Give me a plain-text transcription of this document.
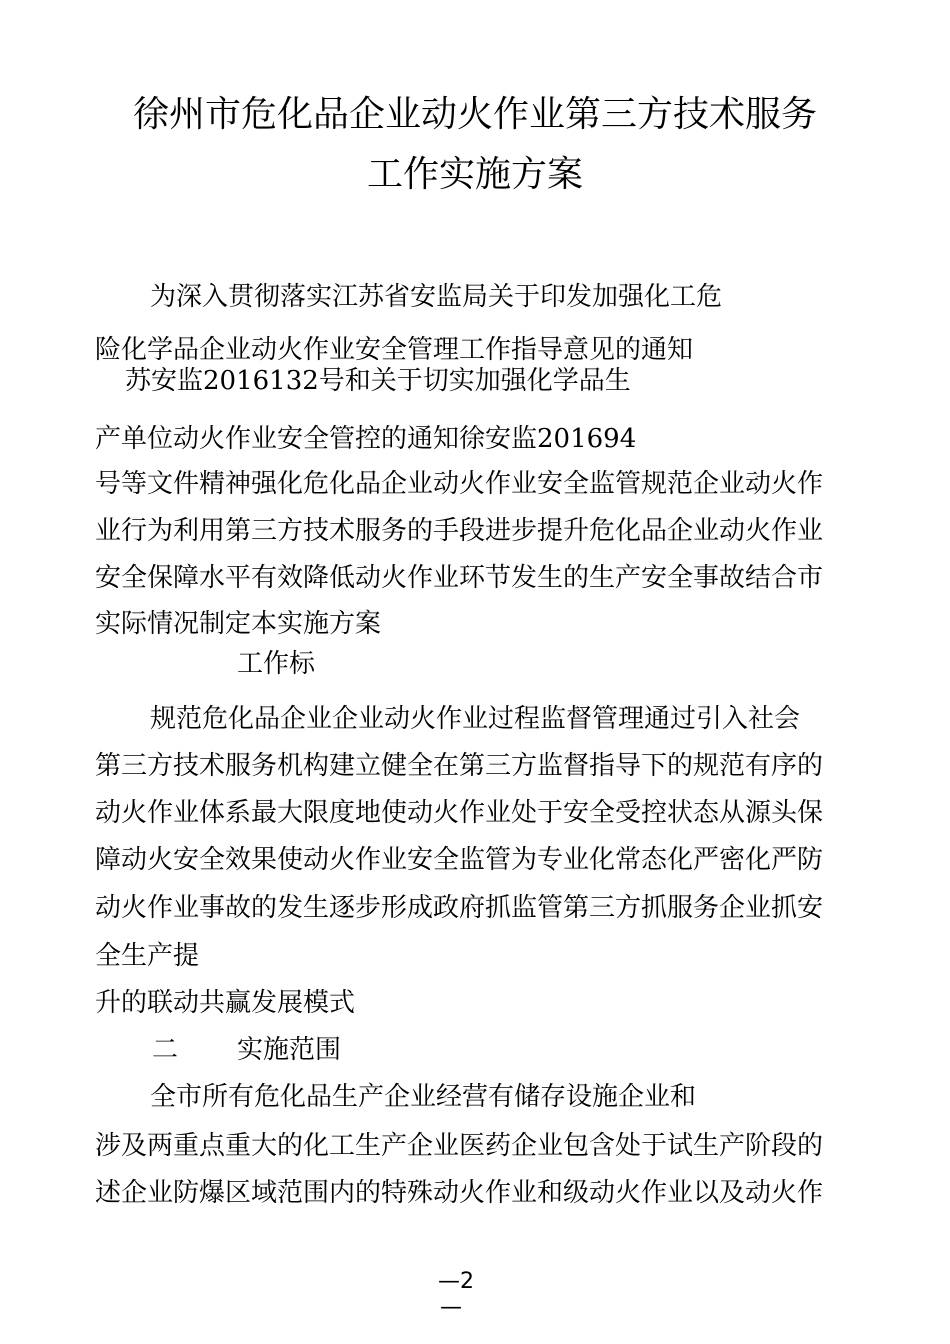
徐州市危化品企业动火作业第三方技术服务
工作实施方案
为深入贯彻落实江苏省安监局关于印发加强化工危
险化学品企业动火作业安全管理工作指导意见的通知
苏安监2016132号和关于切实加强化学品生
产单位动火作业安全管控的通知徐安监201694
号等文件精神强化危化品企业动火作业安全监管规范企业动火作
业行为利用第三方技术服务的手段进步提升危化品企业动火作业
安全保障水平有效降低动火作业环节发生的生产安全事故结合市
实际情况制定本实施方案
工作标
规范危化品企业企业动火作业过程监督管理通过引入社会
第三方技术服务机构建立健全在第三方监督指导下的规范有序的
动火作业体系最大限度地使动火作业处于安全受控状态从源头保
障动火安全效果使动火作业安全监管为专业化常态化严密化严防
动火作业事故的发生逐步形成政府抓监管第三方抓服务企业抓安
全生产提
升的联动共赢发展模式
二 实施范围
全市所有危化品生产企业经营有储存设施企业和
涉及两重点重大的化工生产企业医药企业包含处于试生产阶段的
述企业防爆区域范围内的特殊动火作业和级动火作业以及动火作
—2
—
